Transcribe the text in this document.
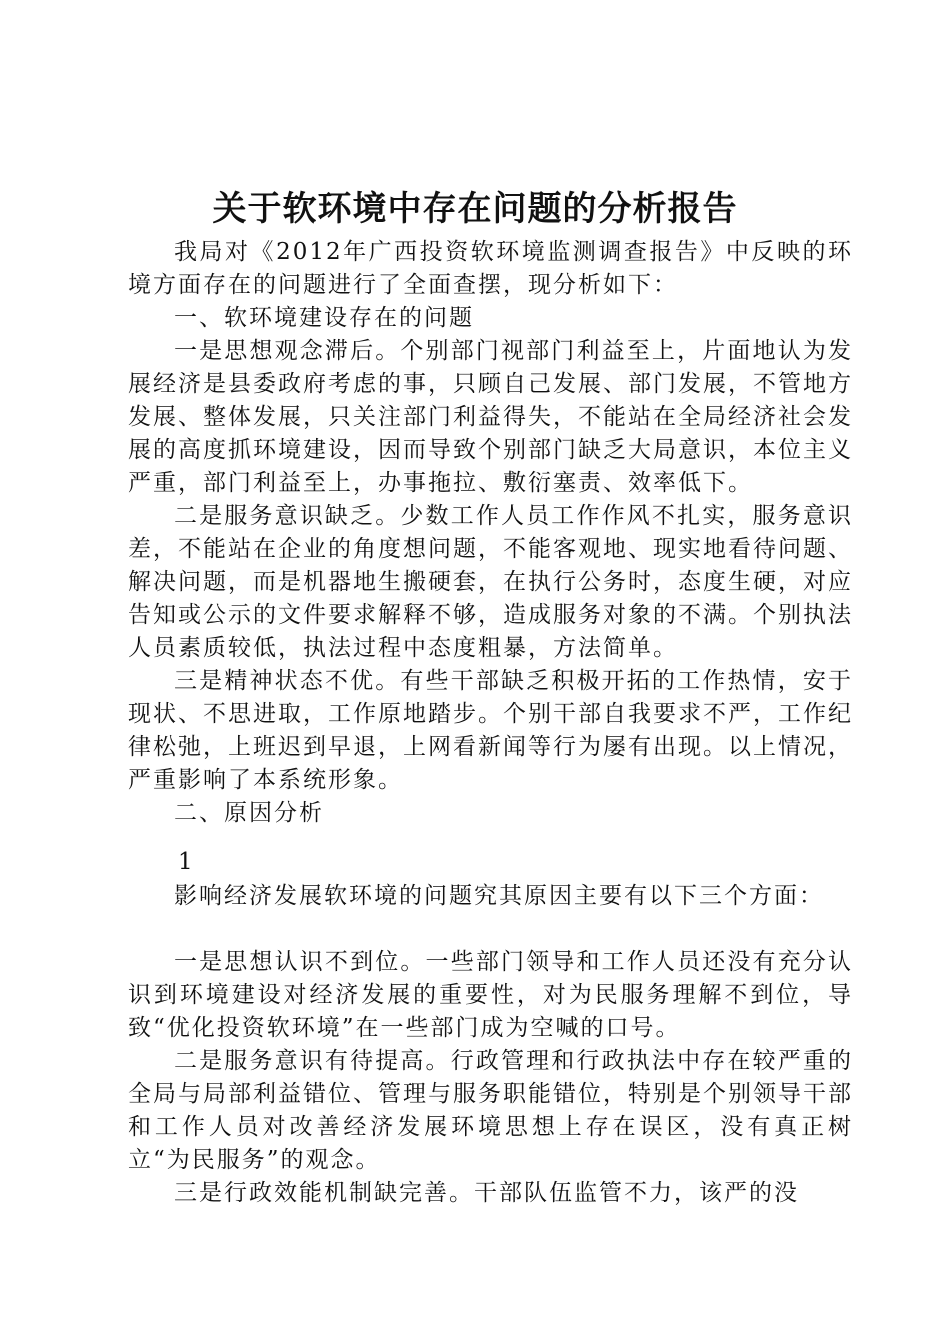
关于软环境中存在问题的分析报告

我局对《2012年广西投资软环境监测调查报告》中反映的环境方面存在的问题进行了全面查摆，现分析如下：

一、软环境建设存在的问题

一是思想观念滞后。个别部门视部门利益至上，片面地认为发展经济是县委政府考虑的事，只顾自己发展、部门发展，不管地方发展、整体发展，只关注部门利益得失，不能站在全局经济社会发展的高度抓环境建设，因而导致个别部门缺乏大局意识，本位主义严重，部门利益至上，办事拖拉、敷衍塞责、效率低下。

二是服务意识缺乏。少数工作人员工作作风不扎实，服务意识差，不能站在企业的角度想问题，不能客观地、现实地看待问题、解决问题，而是机器地生搬硬套，在执行公务时，态度生硬，对应告知或公示的文件要求解释不够，造成服务对象的不满。个别执法人员素质较低，执法过程中态度粗暴，方法简单。

三是精神状态不优。有些干部缺乏积极开拓的工作热情，安于现状、不思进取，工作原地踏步。个别干部自我要求不严，工作纪律松弛，上班迟到早退，上网看新闻等行为屡有出现。以上情况，严重影响了本系统形象。

二、原因分析

1

影响经济发展软环境的问题究其原因主要有以下三个方面：

一是思想认识不到位。一些部门领导和工作人员还没有充分认识到环境建设对经济发展的重要性，对为民服务理解不到位，导致“优化投资软环境”在一些部门成为空喊的口号。

二是服务意识有待提高。行政管理和行政执法中存在较严重的全局与局部利益错位、管理与服务职能错位，特别是个别领导干部和工作人员对改善经济发展环境思想上存在误区，没有真正树立“为民服务”的观念。

三是行政效能机制缺完善。干部队伍监管不力，该严的没
